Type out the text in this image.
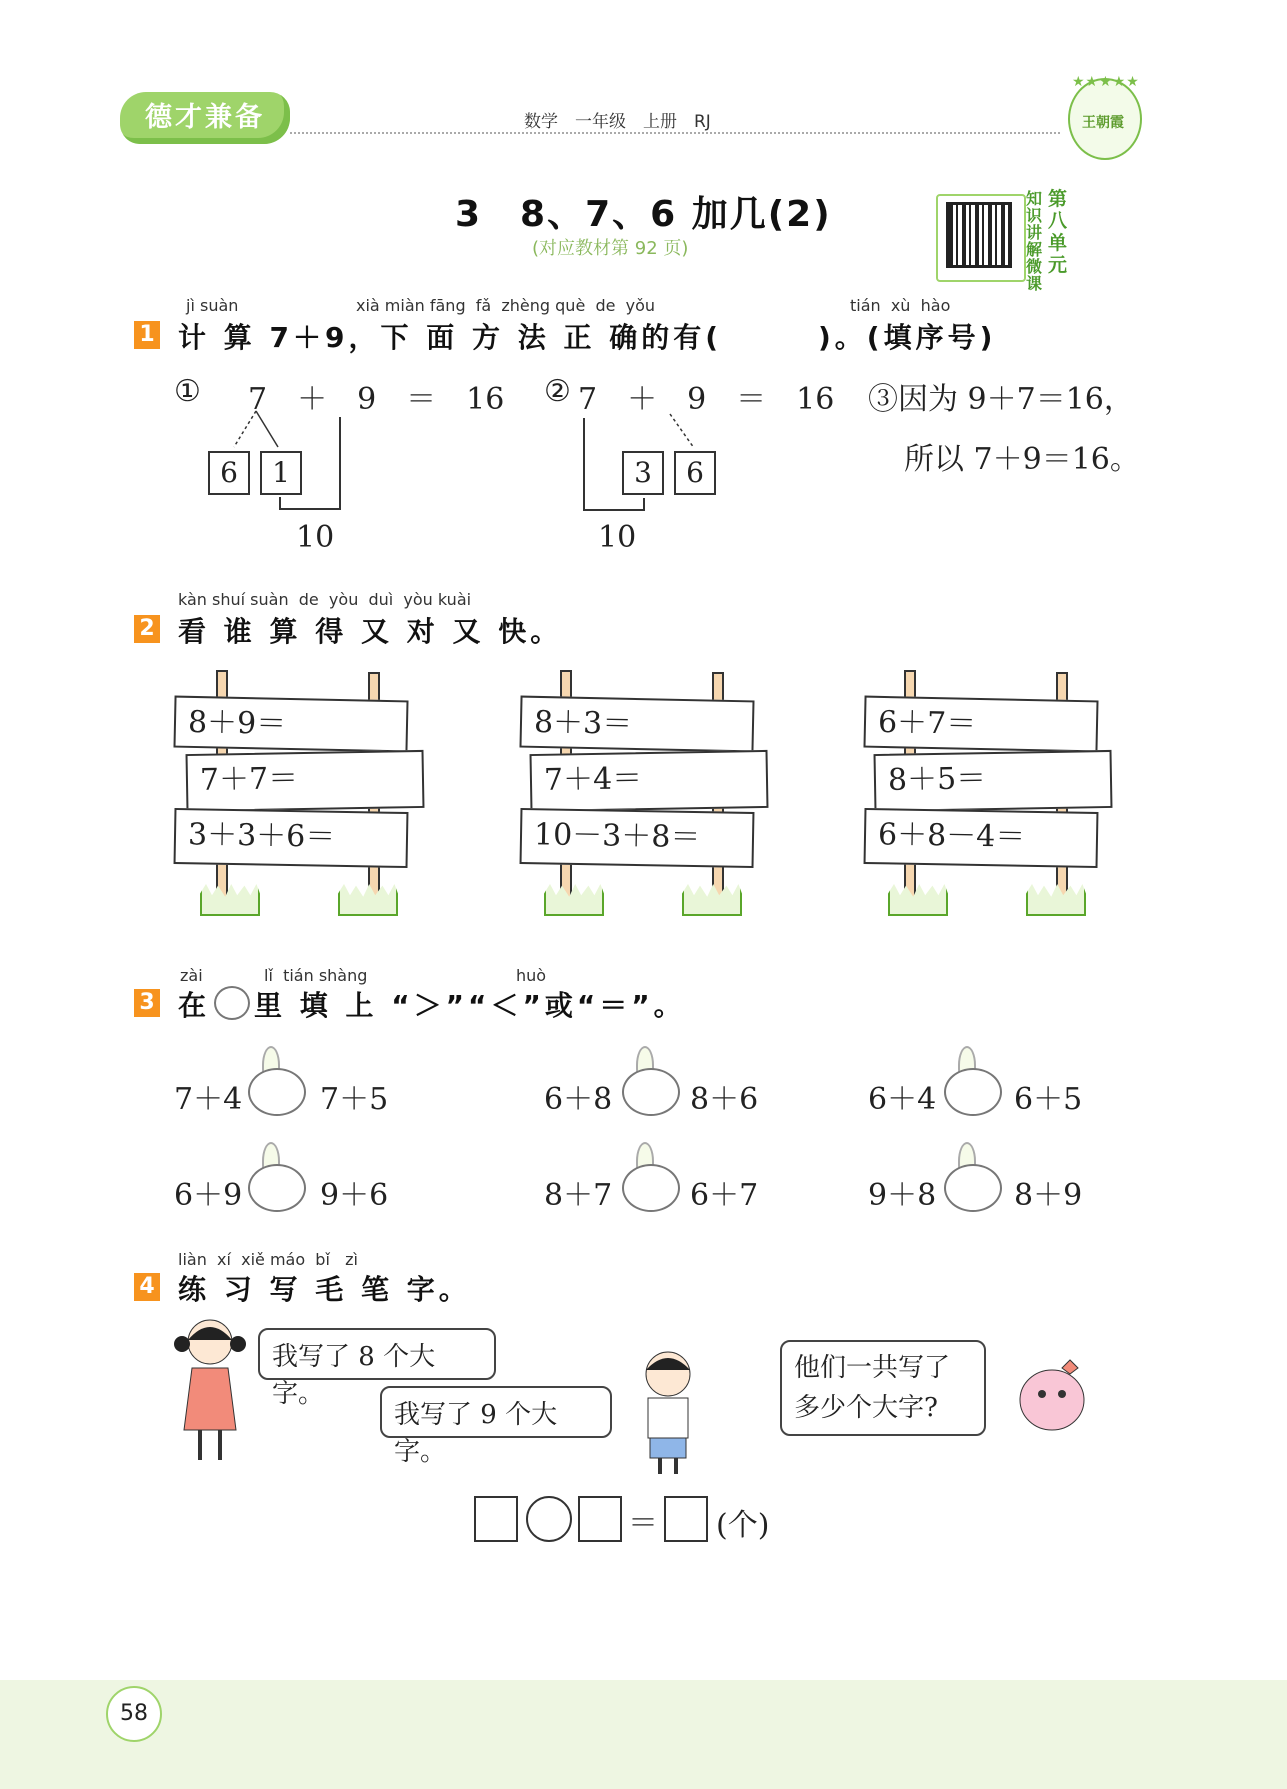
德才兼备	数学　一年级　上册　RJ
★★★★★
王朝霞
3　8、7、6 加几(2)
(对应教材第 92 页)
知识讲解微课
第八单元
jì suàn	xià miàn fāng  fǎ  zhèng què  de  yǒu	tián  xù  hào
1 计 算 7＋9，下 面 方 法 正 确的有(　　　)。(填序号)
① 7　＋　9　＝　16
6	1
10
② 7　＋　9　＝　16
3	6
10
③因为 9＋7＝16，
所以 7＋9＝16。
kàn shuí suàn  de  yòu  duì  yòu kuài
2 看 谁 算 得 又 对 又 快。
8＋9＝
7＋7＝
3＋3＋6＝
8＋3＝
7＋4＝
10－3＋8＝
6＋7＝
8＋5＝
6＋8－4＝
zài	lǐ  tián shàng	huò
3 在 里 填 上 “＞”“＜”或“＝”。
7＋4	7＋5	6＋8	8＋6	6＋4	6＋5
6＋9	9＋6	8＋7	6＋7	9＋8	8＋9
liàn  xí  xiě máo  bǐ   zì
4 练 习 写 毛 笔 字。
我写了 8 个大字。
我写了 9 个大字。
他们一共写了
多少个大字?
＝ (个)
58
